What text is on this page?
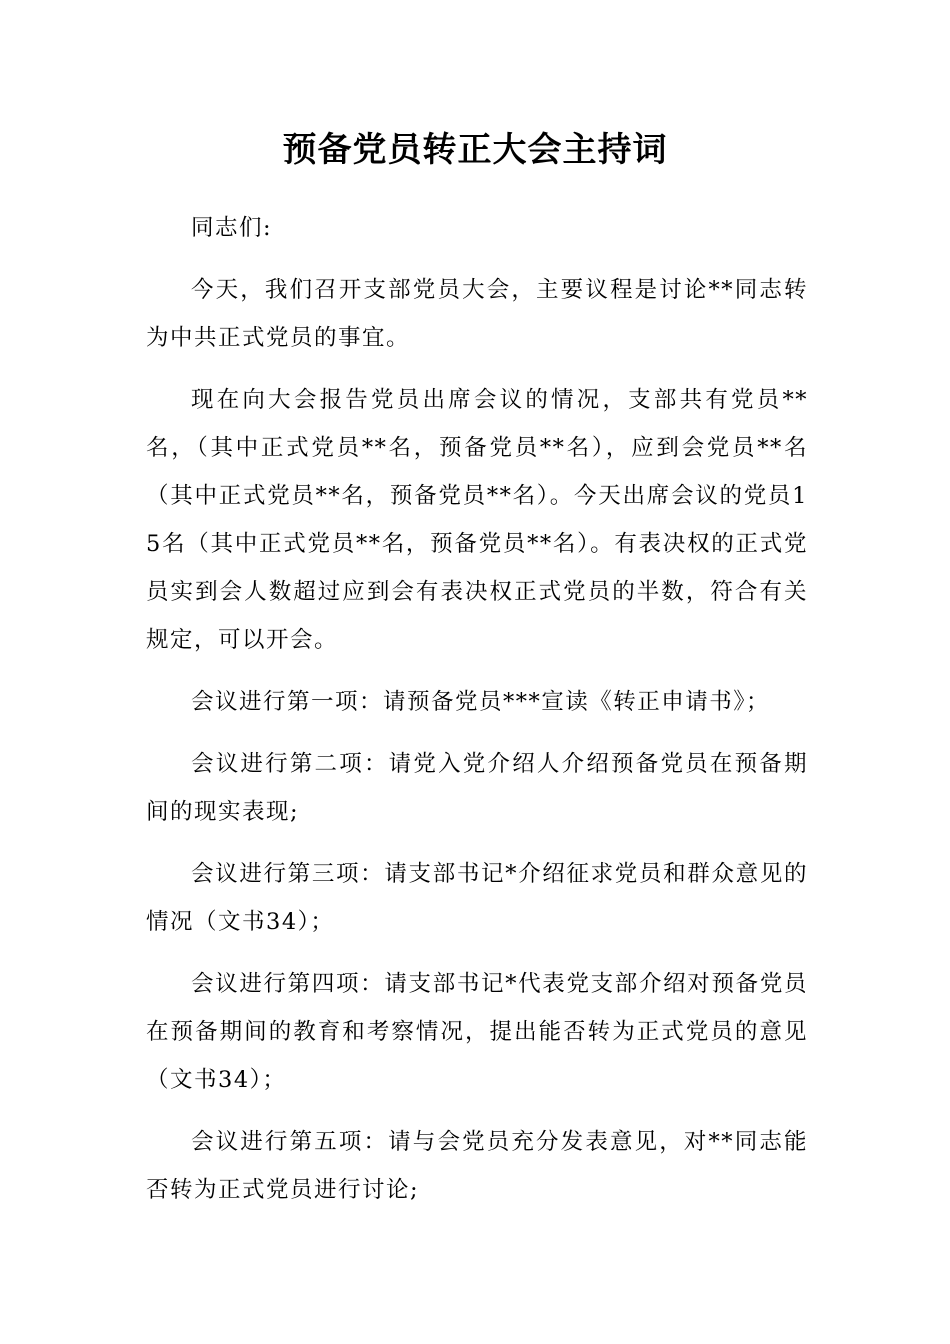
预备党员转正大会主持词

同志们:

今天，我们召开支部党员大会，主要议程是讨论**同志转为中共正式党员的事宜。

现在向大会报告党员出席会议的情况，支部共有党员**名，（其中正式党员**名，预备党员**名），应到会党员**名（其中正式党员**名，预备党员**名）。今天出席会议的党员15名（其中正式党员**名，预备党员**名）。有表决权的正式党员实到会人数超过应到会有表决权正式党员的半数，符合有关规定，可以开会。

会议进行第一项：请预备党员***宣读《转正申请书》；

会议进行第二项：请党入党介绍人介绍预备党员在预备期间的现实表现;

会议进行第三项：请支部书记*介绍征求党员和群众意见的情况（文书34）；

会议进行第四项：请支部书记*代表党支部介绍对预备党员在预备期间的教育和考察情况，提出能否转为正式党员的意见（文书34）；

会议进行第五项：请与会党员充分发表意见，对**同志能否转为正式党员进行讨论;
